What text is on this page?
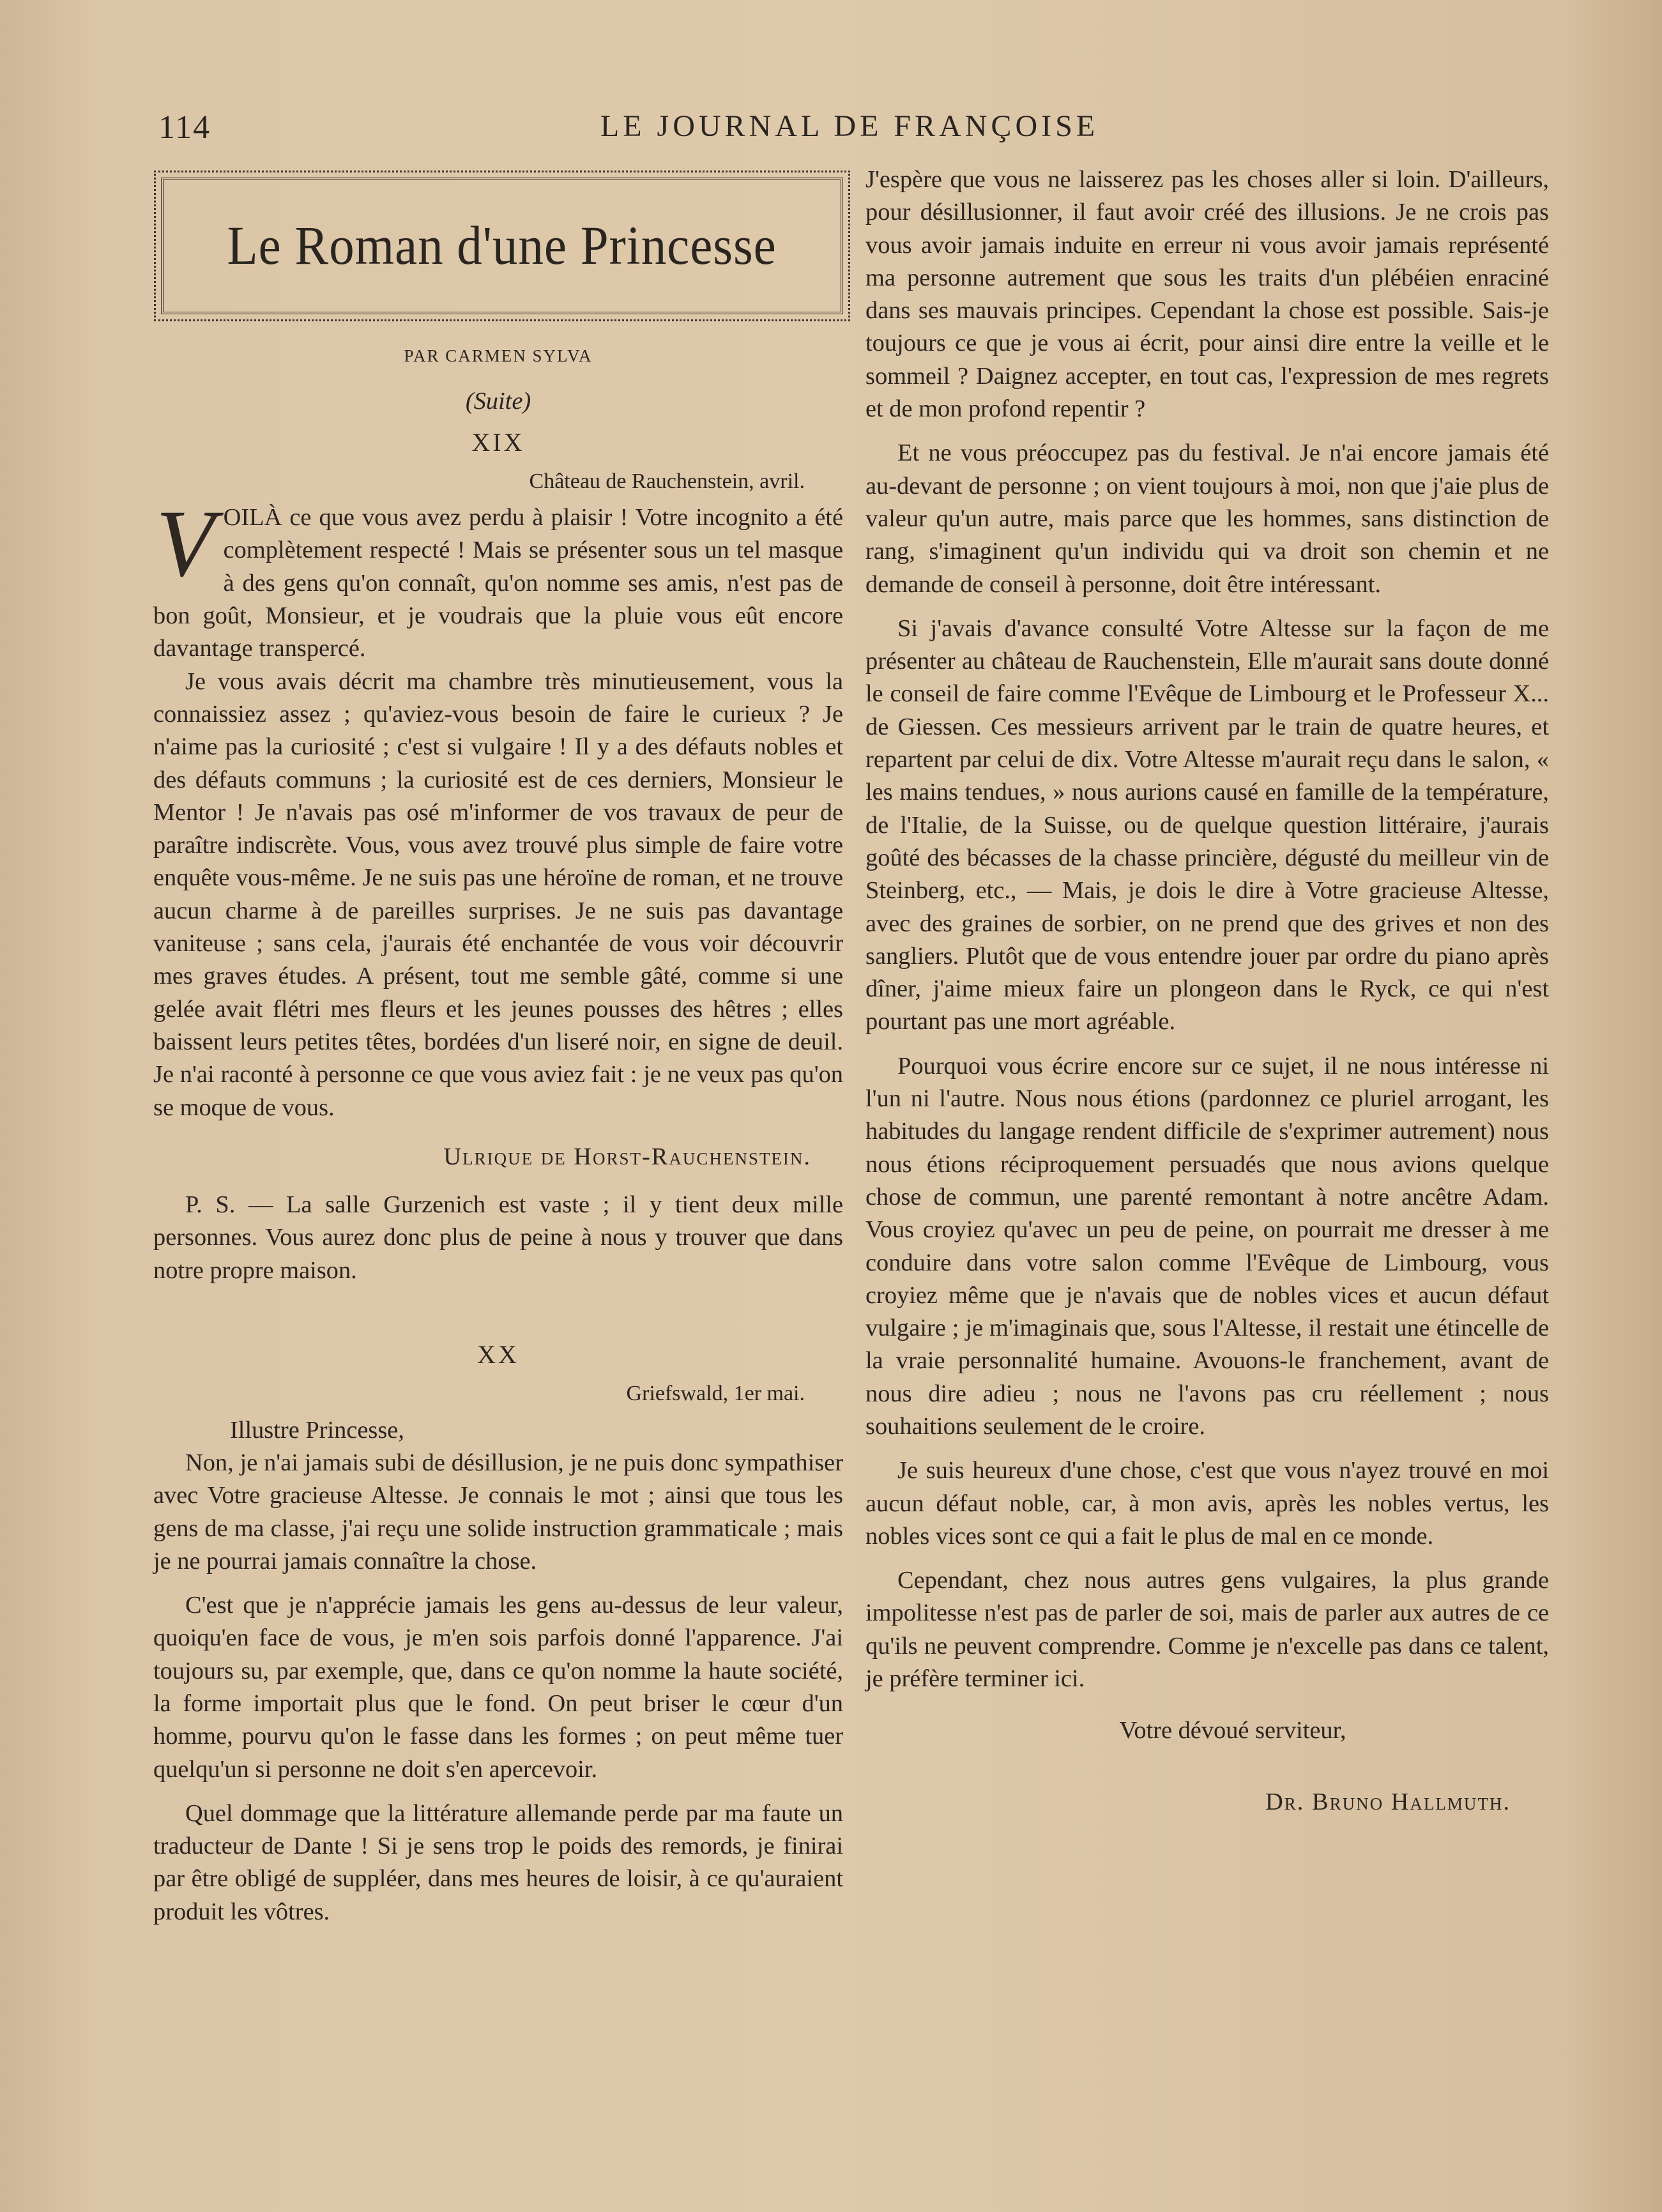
114	LE JOURNAL DE FRANÇOISE
Le Roman d'une Princesse
PAR CARMEN SYLVA
(Suite)
XIX
Château de Rauchenstein, avril.

VOILÀ ce que vous avez perdu à plaisir ! Votre incognito a été complètement respecté ! Mais se présenter sous un tel masque à des gens qu'on connaît, qu'on nomme ses amis, n'est pas de bon goût, Monsieur, et je voudrais que la pluie vous eût encore davantage transpercé.

Je vous avais décrit ma chambre très minutieusement, vous la connaissiez assez ; qu'aviez-vous besoin de faire le curieux ? Je n'aime pas la curiosité ; c'est si vulgaire ! Il y a des défauts nobles et des défauts communs ; la curiosité est de ces derniers, Monsieur le Mentor ! Je n'avais pas osé m'informer de vos travaux de peur de paraître indiscrète. Vous, vous avez trouvé plus simple de faire votre enquête vous-même. Je ne suis pas une héroïne de roman, et ne trouve aucun charme à de pareilles surprises. Je ne suis pas davantage vaniteuse ; sans cela, j'aurais été enchantée de vous voir découvrir mes graves études. A présent, tout me semble gâté, comme si une gelée avait flétri mes fleurs et les jeunes pousses des hêtres ; elles baissent leurs petites têtes, bordées d'un liseré noir, en signe de deuil. Je n'ai raconté à personne ce que vous aviez fait : je ne veux pas qu'on se moque de vous.

Ulrique de Horst-Rauchenstein.

P. S. — La salle Gurzenich est vaste ; il y tient deux mille personnes. Vous aurez donc plus de peine à nous y trouver que dans notre propre maison.

XX
Griefswald, 1er mai.

Illustre Princesse,

Non, je n'ai jamais subi de désillusion, je ne puis donc sympathiser avec Votre gracieuse Altesse. Je connais le mot ; ainsi que tous les gens de ma classe, j'ai reçu une solide instruction grammaticale ; mais je ne pourrai jamais connaître la chose.

C'est que je n'apprécie jamais les gens au-dessus de leur valeur, quoiqu'en face de vous, je m'en sois parfois donné l'apparence. J'ai toujours su, par exemple, que, dans ce qu'on nomme la haute société, la forme importait plus que le fond. On peut briser le cœur d'un homme, pourvu qu'on le fasse dans les formes ; on peut même tuer quelqu'un si personne ne doit s'en apercevoir.

Quel dommage que la littérature allemande perde par ma faute un traducteur de Dante ! Si je sens trop le poids des remords, je finirai par être obligé de suppléer, dans mes heures de loisir, à ce qu'auraient produit les vôtres.

J'espère que vous ne laisserez pas les choses aller si loin. D'ailleurs, pour désillusionner, il faut avoir créé des illusions. Je ne crois pas vous avoir jamais induite en erreur ni vous avoir jamais représenté ma personne autrement que sous les traits d'un plébéien enraciné dans ses mauvais principes. Cependant la chose est possible. Sais-je toujours ce que je vous ai écrit, pour ainsi dire entre la veille et le sommeil ? Daignez accepter, en tout cas, l'expression de mes regrets et de mon profond repentir ?

Et ne vous préoccupez pas du festival. Je n'ai encore jamais été au-devant de personne ; on vient toujours à moi, non que j'aie plus de valeur qu'un autre, mais parce que les hommes, sans distinction de rang, s'imaginent qu'un individu qui va droit son chemin et ne demande de conseil à personne, doit être intéressant.

Si j'avais d'avance consulté Votre Altesse sur la façon de me présenter au château de Rauchenstein, Elle m'aurait sans doute donné le conseil de faire comme l'Evêque de Limbourg et le Professeur X... de Giessen. Ces messieurs arrivent par le train de quatre heures, et repartent par celui de dix. Votre Altesse m'aurait reçu dans le salon, « les mains tendues, » nous aurions causé en famille de la température, de l'Italie, de la Suisse, ou de quelque question littéraire, j'aurais goûté des bécasses de la chasse princière, dégusté du meilleur vin de Steinberg, etc., — Mais, je dois le dire à Votre gracieuse Altesse, avec des graines de sorbier, on ne prend que des grives et non des sangliers. Plutôt que de vous entendre jouer par ordre du piano après dîner, j'aime mieux faire un plongeon dans le Ryck, ce qui n'est pourtant pas une mort agréable.

Pourquoi vous écrire encore sur ce sujet, il ne nous intéresse ni l'un ni l'autre. Nous nous étions (pardonnez ce pluriel arrogant, les habitudes du langage rendent difficile de s'exprimer autrement) nous nous étions réciproquement persuadés que nous avions quelque chose de commun, une parenté remontant à notre ancêtre Adam. Vous croyiez qu'avec un peu de peine, on pourrait me dresser à me conduire dans votre salon comme l'Evêque de Limbourg, vous croyiez même que je n'avais que de nobles vices et aucun défaut vulgaire ; je m'imaginais que, sous l'Altesse, il restait une étincelle de la vraie personnalité humaine. Avouons-le franchement, avant de nous dire adieu ; nous ne l'avons pas cru réellement ; nous souhaitions seulement de le croire.

Je suis heureux d'une chose, c'est que vous n'ayez trouvé en moi aucun défaut noble, car, à mon avis, après les nobles vertus, les nobles vices sont ce qui a fait le plus de mal en ce monde.

Cependant, chez nous autres gens vulgaires, la plus grande impolitesse n'est pas de parler de soi, mais de parler aux autres de ce qu'ils ne peuvent comprendre. Comme je n'excelle pas dans ce talent, je préfère terminer ici.

Votre dévoué serviteur,

Dr. Bruno Hallmuth.
